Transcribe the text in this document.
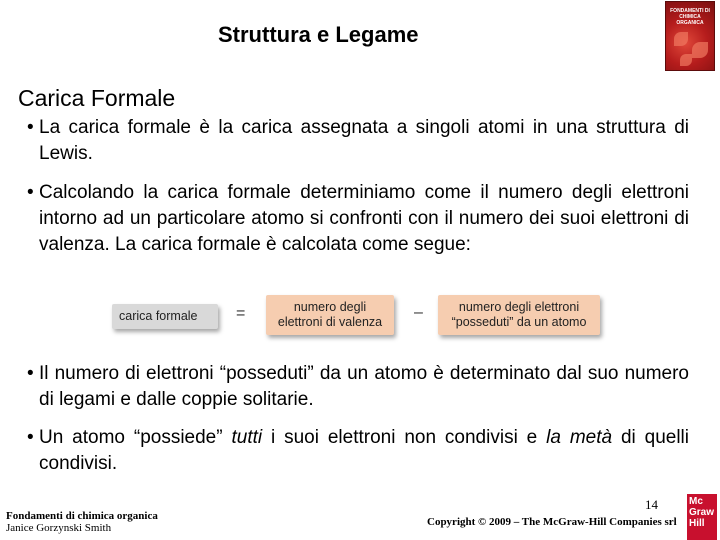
Struttura e Legame
FONDAMENTI DI CHIMICA ORGANICA
Carica Formale
• La carica formale è la carica assegnata a singoli atomi in una struttura di Lewis.
• Calcolando la carica formale determiniamo come il numero degli elettroni intorno ad un particolare atomo si confronti con il numero dei suoi elettroni di valenza. La carica formale è calcolata come segue:
carica formale	=	numero degli
elettroni di valenza
–	numero degli elettroni
“posseduti” da un atomo
• Il numero di elettroni “posseduti” da un atomo è determinato dal suo numero di legami e dalle coppie solitarie.
• Un atomo “possiede” tutti i suoi elettroni non condivisi e la metà di quelli condivisi.
Fondamenti di chimica organica
Janice Gorzynski Smith
14
Copyright © 2009 – The McGraw-Hill Companies srl
Mc
Graw
Hill
